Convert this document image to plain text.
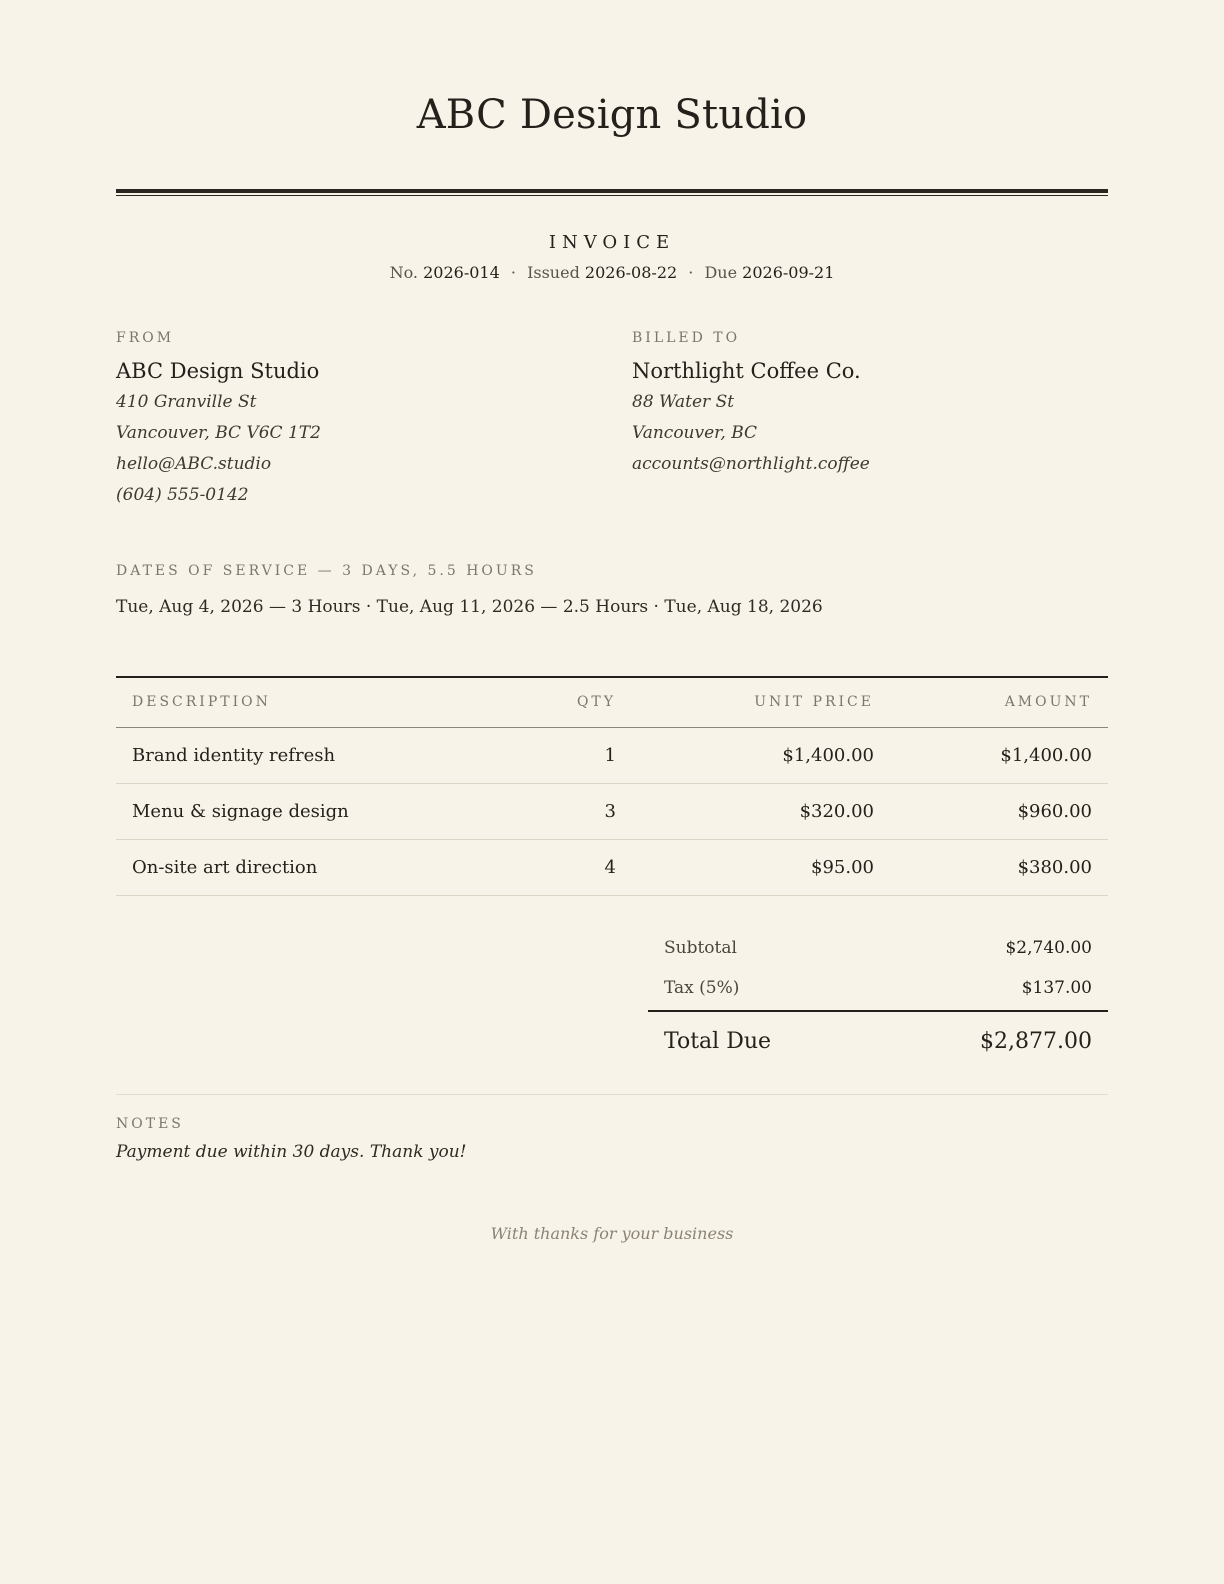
ABC Design Studio
INVOICE
No. 2026-014 · Issued 2026-08-22 · Due 2026-09-21
FROM
ABC Design Studio
410 Granville St
Vancouver, BC V6C 1T2
hello@ABC.studio
(604) 555-0142
BILLED TO
Northlight Coffee Co.
88 Water St
Vancouver, BC
accounts@northlight.coffee
DATES OF SERVICE — 3 DAYS, 5.5 HOURS
Tue, Aug 4, 2026 — 3 Hours · Tue, Aug 11, 2026 — 2.5 Hours · Tue, Aug 18, 2026
DESCRIPTION	QTY	UNIT PRICE	AMOUNT
Brand identity refresh	1	$1,400.00	$1,400.00
Menu & signage design	3	$320.00	$960.00
On-site art direction	4	$95.00	$380.00
Subtotal	$2,740.00
Tax (5%)	$137.00
Total Due	$2,877.00
NOTES
Payment due within 30 days. Thank you!
With thanks for your business
